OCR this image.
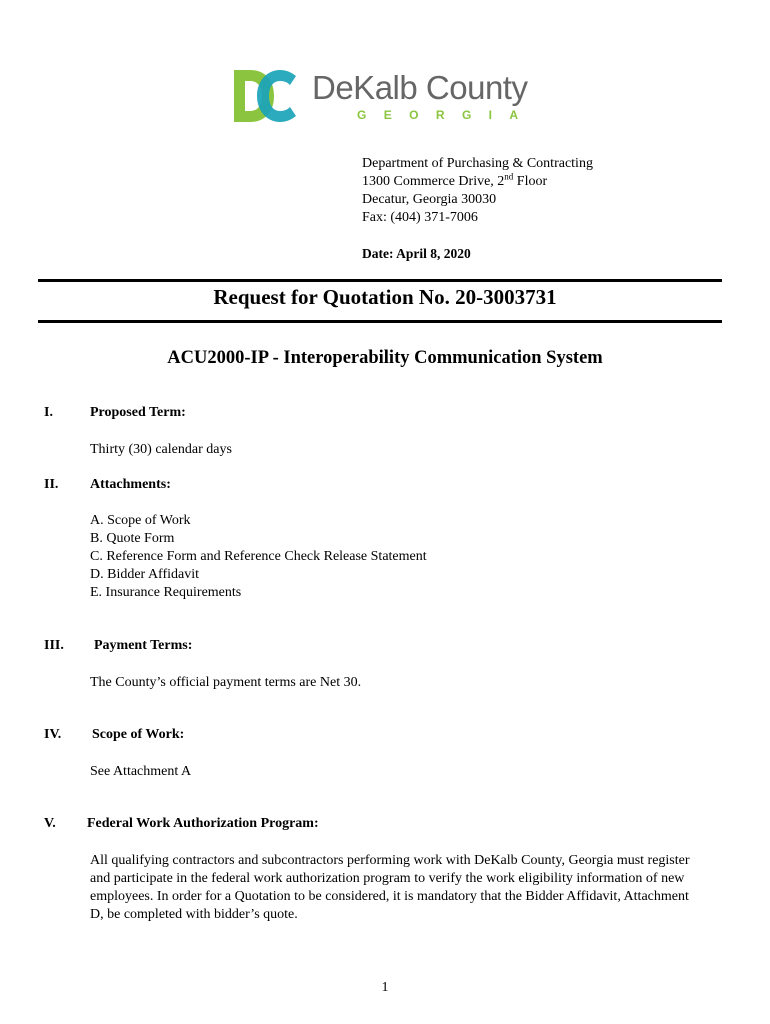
DeKalb County
GEORGIA
Department of Purchasing & Contracting
1300 Commerce Drive, 2nd Floor
Decatur, Georgia 30030
Fax: (404) 371-7006
Date: April 8, 2020
Request for Quotation No. 20-3003731
ACU2000-IP - Interoperability Communication System
I.	Proposed Term:
Thirty (30) calendar days
II. Attachments:
A. Scope of Work
B. Quote Form
C. Reference Form and Reference Check Release Statement
D. Bidder Affidavit
E. Insurance Requirements
III. Payment Terms:
The County’s official payment terms are Net 30.
IV. Scope of Work:
See Attachment A
V. Federal Work Authorization Program:
All qualifying contractors and subcontractors performing work with DeKalb County, Georgia must register and participate in the federal work authorization program to verify the work eligibility information of new employees. In order for a Quotation to be considered, it is mandatory that the Bidder Affidavit, Attachment D, be completed with bidder’s quote.
1
